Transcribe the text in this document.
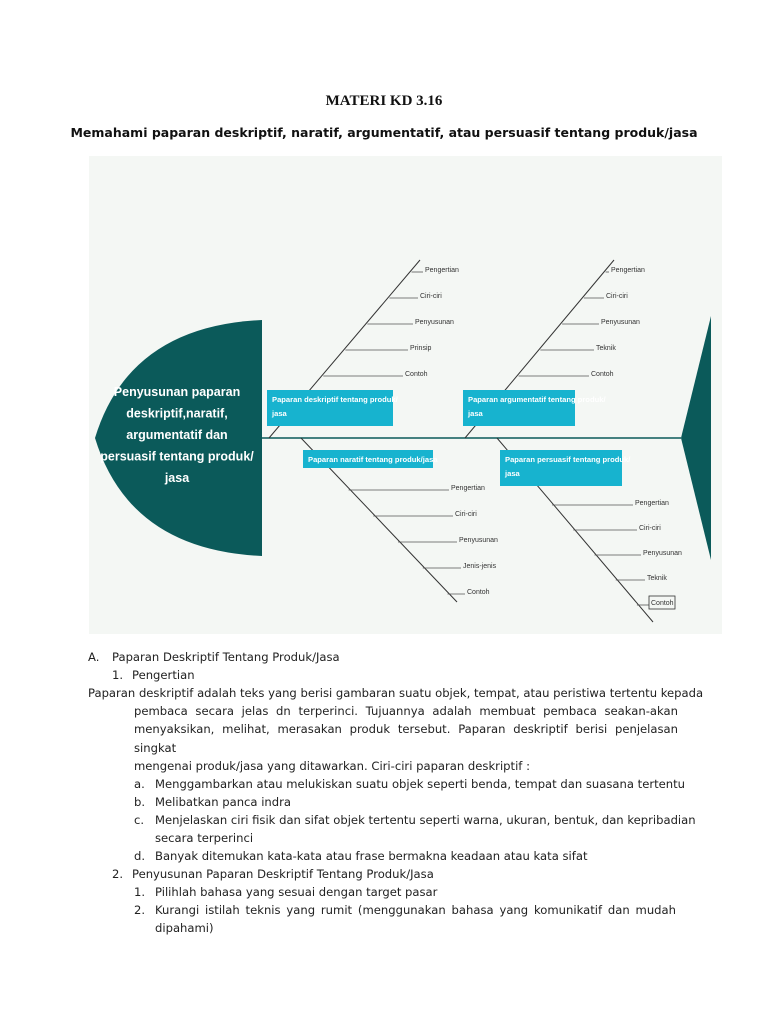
MATERI KD 3.16
Memahami paparan deskriptif, naratif, argumentatif, atau persuasif tentang produk/jasa
Penyusunan paparan
deskriptif,naratif,
argumentatif dan
persuasif tentang produk/
jasa
Pengertian
Ciri-ciri
Penyusunan
Prinsip
Contoh
Paparan deskriptif tentang produk/
jasa
Pengertian
Ciri-ciri
Penyusunan
Teknik
Contoh
Paparan argumentatif tentang produk/
jasa
Pengertian
Ciri-ciri
Penyusunan
Jenis-jenis
Contoh
Paparan naratif tentang produk/jasa
Pengertian
Ciri-ciri
Penyusunan
Teknik
Contoh
Paparan persuasif tentang produk/
jasa
A. Paparan Deskriptif Tentang Produk/Jasa
1. Pengertian
Paparan deskriptif adalah teks yang berisi gambaran suatu objek, tempat, atau peristiwa tertentu kepada
pembaca secara jelas dn terperinci. Tujuannya adalah membuat pembaca seakan-akan
menyaksikan, melihat, merasakan produk tersebut. Paparan deskriptif berisi penjelasan singkat
mengenai produk/jasa yang ditawarkan. Ciri-ciri paparan deskriptif :
a. Menggambarkan atau melukiskan suatu objek seperti benda, tempat dan suasana tertentu
b. Melibatkan panca indra
c. Menjelaskan ciri fisik dan sifat objek tertentu seperti warna, ukuran, bentuk, dan kepribadian
secara terperinci
d. Banyak ditemukan kata-kata atau frase bermakna keadaan atau kata sifat
2. Penyusunan Paparan Deskriptif Tentang Produk/Jasa
1. Pilihlah bahasa yang sesuai dengan target pasar
2. Kurangi istilah teknis yang rumit (menggunakan bahasa yang komunikatif dan mudah
dipahami)
